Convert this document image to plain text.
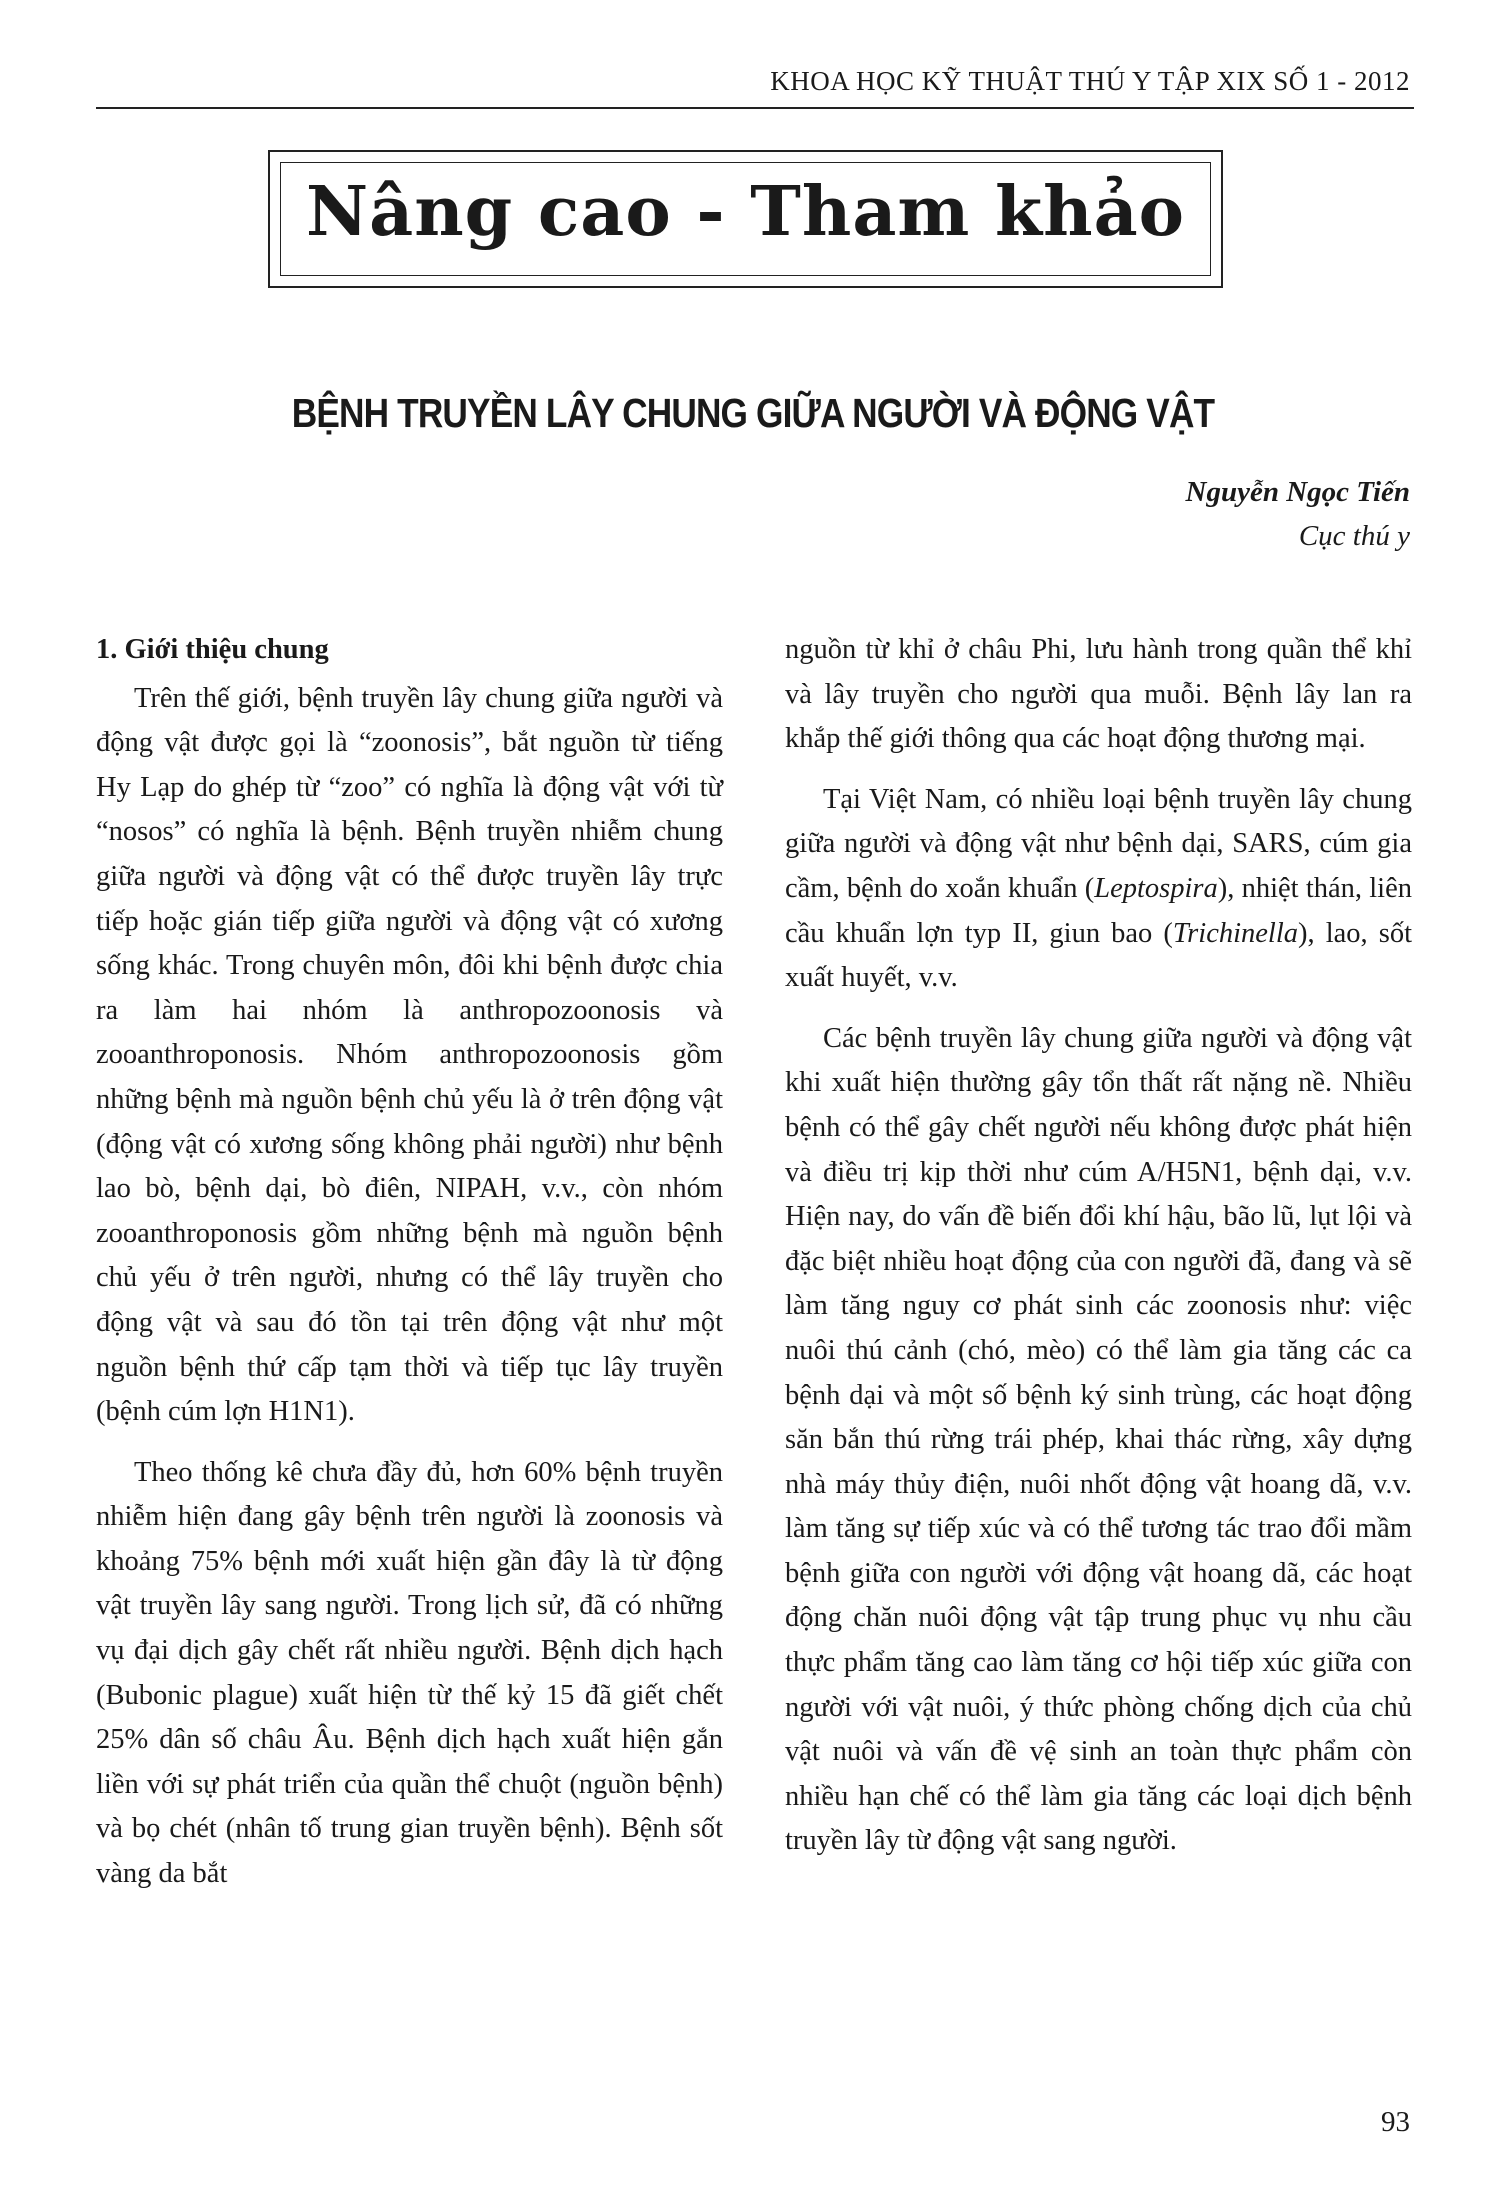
KHOA HỌC KỸ THUẬT THÚ Y TẬP XIX SỐ 1 - 2012
Nâng cao - Tham khảo
BỆNH TRUYỀN LÂY CHUNG GIỮA NGƯỜI VÀ ĐỘNG VẬT
Nguyễn Ngọc Tiến
Cục thú y
1. Giới thiệu chung

Trên thế giới, bệnh truyền lây chung giữa người và động vật được gọi là “zoonosis”, bắt nguồn từ tiếng Hy Lạp do ghép từ “zoo” có nghĩa là động vật với từ “nosos” có nghĩa là bệnh. Bệnh truyền nhiễm chung giữa người và động vật có thể được truyền lây trực tiếp hoặc gián tiếp giữa người và động vật có xương sống khác. Trong chuyên môn, đôi khi bệnh được chia ra làm hai nhóm là anthropozoonosis và zooanthroponosis. Nhóm anthropozoonosis gồm những bệnh mà nguồn bệnh chủ yếu là ở trên động vật (động vật có xương sống không phải người) như bệnh lao bò, bệnh dại, bò điên, NIPAH, v.v., còn nhóm zooanthroponosis gồm những bệnh mà nguồn bệnh chủ yếu ở trên người, nhưng có thể lây truyền cho động vật và sau đó tồn tại trên động vật như một nguồn bệnh thứ cấp tạm thời và tiếp tục lây truyền (bệnh cúm lợn H1N1).

Theo thống kê chưa đầy đủ, hơn 60% bệnh truyền nhiễm hiện đang gây bệnh trên người là zoonosis và khoảng 75% bệnh mới xuất hiện gần đây là từ động vật truyền lây sang người. Trong lịch sử, đã có những vụ đại dịch gây chết rất nhiều người. Bệnh dịch hạch (Bubonic plague) xuất hiện từ thế kỷ 15 đã giết chết 25% dân số châu Âu. Bệnh dịch hạch xuất hiện gắn liền với sự phát triển của quần thể chuột (nguồn bệnh) và bọ chét (nhân tố trung gian truyền bệnh). Bệnh sốt vàng da bắt

nguồn từ khỉ ở châu Phi, lưu hành trong quần thể khỉ và lây truyền cho người qua muỗi. Bệnh lây lan ra khắp thế giới thông qua các hoạt động thương mại.

Tại Việt Nam, có nhiều loại bệnh truyền lây chung giữa người và động vật như bệnh dại, SARS, cúm gia cầm, bệnh do xoắn khuẩn (Leptospira), nhiệt thán, liên cầu khuẩn lợn typ II, giun bao (Trichinella), lao, sốt xuất huyết, v.v.

Các bệnh truyền lây chung giữa người và động vật khi xuất hiện thường gây tổn thất rất nặng nề. Nhiều bệnh có thể gây chết người nếu không được phát hiện và điều trị kịp thời như cúm A/H5N1, bệnh dại, v.v. Hiện nay, do vấn đề biến đổi khí hậu, bão lũ, lụt lội và đặc biệt nhiều hoạt động của con người đã, đang và sẽ làm tăng nguy cơ phát sinh các zoonosis như: việc nuôi thú cảnh (chó, mèo) có thể làm gia tăng các ca bệnh dại và một số bệnh ký sinh trùng, các hoạt động săn bắn thú rừng trái phép, khai thác rừng, xây dựng nhà máy thủy điện, nuôi nhốt động vật hoang dã, v.v. làm tăng sự tiếp xúc và có thể tương tác trao đổi mầm bệnh giữa con người với động vật hoang dã, các hoạt động chăn nuôi động vật tập trung phục vụ nhu cầu thực phẩm tăng cao làm tăng cơ hội tiếp xúc giữa con người với vật nuôi, ý thức phòng chống dịch của chủ vật nuôi và vấn đề vệ sinh an toàn thực phẩm còn nhiều hạn chế có thể làm gia tăng các loại dịch bệnh truyền lây từ động vật sang người.

93
